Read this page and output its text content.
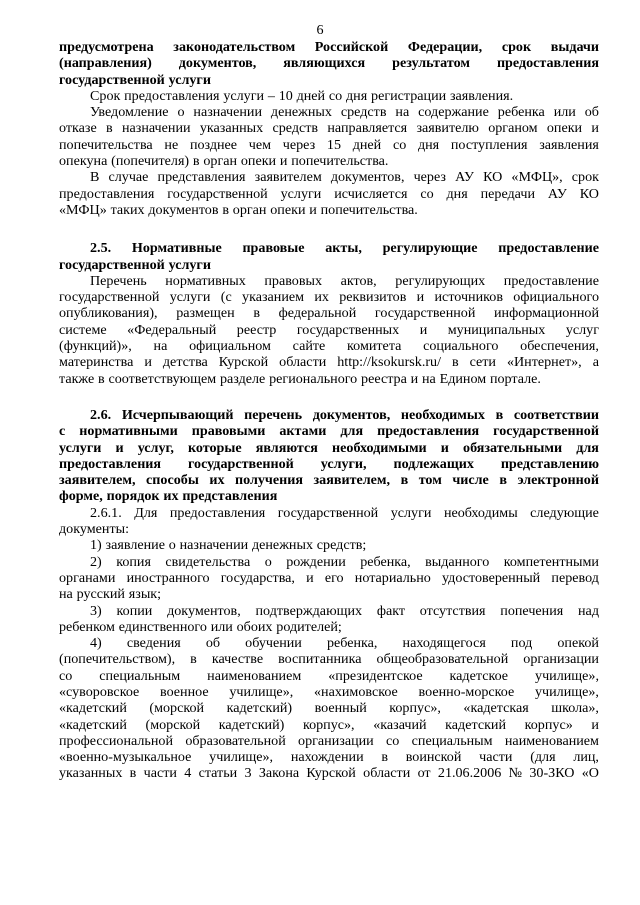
6
предусмотрена законодательством Российской Федерации, срок выдачи
(направления) документов, являющихся результатом предоставления
государственной услуги
Срок предоставления услуги – 10 дней со дня регистрации заявления.
Уведомление о назначении денежных средств на содержание ребенка или об
отказе в назначении указанных средств направляется заявителю органом опеки и
попечительства не позднее чем через 15 дней со дня поступления заявления
опекуна (попечителя) в орган опеки и попечительства.
В случае представления заявителем документов, через АУ КО «МФЦ», срок
предоставления государственной услуги исчисляется со дня передачи АУ КО
«МФЦ» таких документов в орган опеки и попечительства.
2.5. Нормативные правовые акты, регулирующие предоставление
государственной услуги
Перечень нормативных правовых актов, регулирующих предоставление
государственной услуги (с указанием их реквизитов и источников официального
опубликования), размещен в федеральной государственной информационной
системе «Федеральный реестр государственных и муниципальных услуг
(функций)», на официальном сайте комитета социального обеспечения,
материнства и детства Курской области http://ksokursk.ru/ в сети «Интернет», а
также в соответствующем разделе регионального реестра и на Едином портале.
2.6. Исчерпывающий перечень документов, необходимых в соответствии
с нормативными правовыми актами для предоставления государственной
услуги и услуг, которые являются необходимыми и обязательными для
предоставления государственной услуги, подлежащих представлению
заявителем, способы их получения заявителем, в том числе в электронной
форме, порядок их представления
2.6.1. Для предоставления государственной услуги необходимы следующие
документы:
1) заявление о назначении денежных средств;
2) копия свидетельства о рождении ребенка, выданного компетентными
органами иностранного государства, и его нотариально удостоверенный перевод
на русский язык;
3) копии документов, подтверждающих факт отсутствия попечения над
ребенком единственного или обоих родителей;
4) сведения об обучении ребенка, находящегося под опекой
(попечительством), в качестве воспитанника общеобразовательной организации
со специальным наименованием «президентское кадетское училище»,
«суворовское военное училище», «нахимовское военно-морское училище»,
«кадетский (морской кадетский) военный корпус», «кадетская школа»,
«кадетский (морской кадетский) корпус», «казачий кадетский корпус» и
профессиональной образовательной организации со специальным наименованием
«военно-музыкальное училище», нахождении в воинской части (для лиц,
указанных в части 4 статьи 3 Закона Курской области от 21.06.2006 № 30-ЗКО «О
